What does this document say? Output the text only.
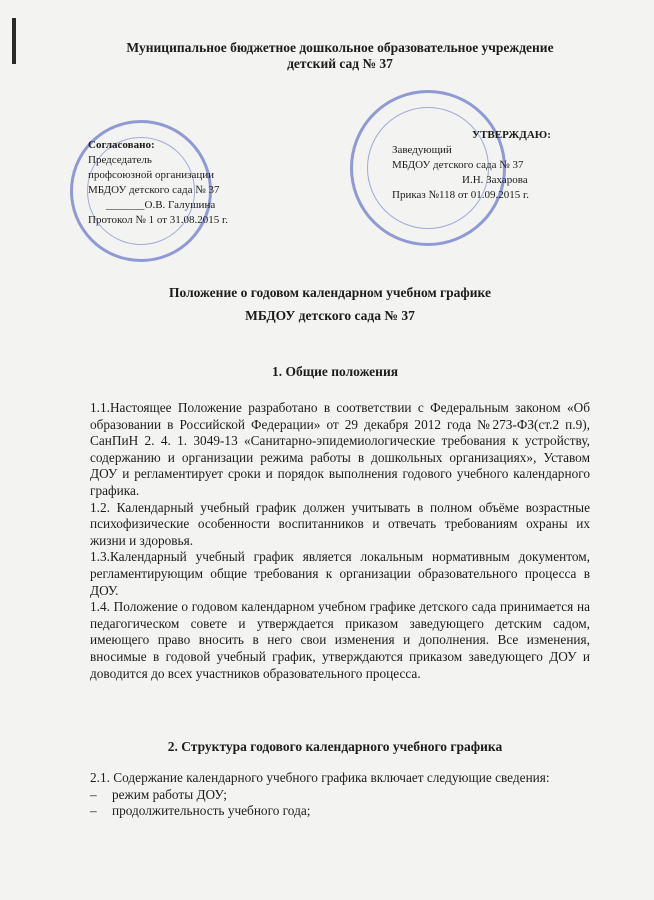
Муниципальное бюджетное дошкольное образовательное учреждение
детский сад № 37
Согласовано:
Председатель
профсоюзной организации
МБДОУ детского сада № 37
_______О.В. Галушина
Протокол № 1 от 31.08.2015 г.
УТВЕРЖДАЮ:
Заведующий
МБДОУ детского сада № 37
И.Н. Захарова
Приказ №118 от 01.09.2015 г.
Положение о годовом календарном учебном графике
МБДОУ детского сада № 37
1. Общие положения

1.1.Настоящее Положение разработано в соответствии с Федеральным законом «Об образовании в Российской Федерации» от 29 декабря 2012 года №273-ФЗ(ст.2 п.9), СанПиН 2. 4. 1. 3049-13 «Санитарно-эпидемиологические требования к устройству, содержанию и организации режима работы в дошкольных организациях», Уставом ДОУ и регламентирует сроки и порядок выполнения годового учебного календарного графика.

1.2. Календарный учебный график должен учитывать в полном объёме возрастные психофизические особенности воспитанников и отвечать требованиям охраны их жизни и здоровья.

1.3.Календарный учебный график является локальным нормативным документом, регламентирующим общие требования к организации образовательного процесса в ДОУ.

1.4. Положение о годовом календарном учебном графике детского сада принимается на педагогическом совете и утверждается приказом заведующего детским садом, имеющего право вносить в него свои изменения и дополнения. Все изменения, вносимые в годовой учебный график, утверждаются приказом заведующего ДОУ и доводится до всех участников образовательного процесса.

2. Структура годового календарного учебного графика

2.1. Содержание календарного учебного графика включает следующие сведения:

–	режим работы ДОУ;
–	продолжительность учебного года;
